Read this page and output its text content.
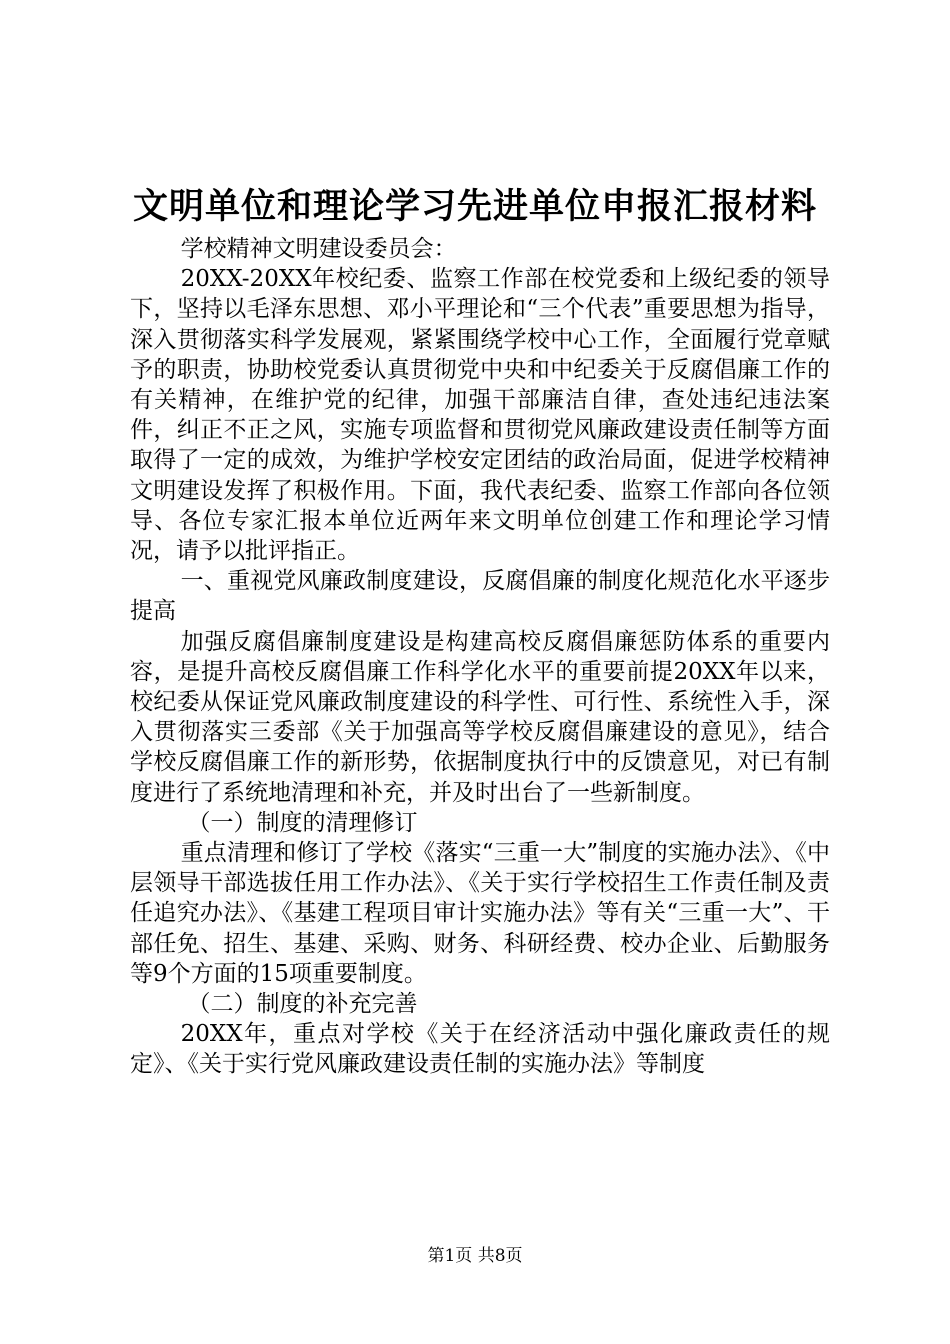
文明单位和理论学习先进单位申报汇报材料

学校精神文明建设委员会：

20XX-20XX年校纪委、监察工作部在校党委和上级纪委的领导下，坚持以毛泽东思想、邓小平理论和“三个代表”重要思想为指导，深入贯彻落实科学发展观，紧紧围绕学校中心工作，全面履行党章赋予的职责，协助校党委认真贯彻党中央和中纪委关于反腐倡廉工作的有关精神，在维护党的纪律，加强干部廉洁自律，查处违纪违法案件，纠正不正之风，实施专项监督和贯彻党风廉政建设责任制等方面取得了一定的成效，为维护学校安定团结的政治局面，促进学校精神文明建设发挥了积极作用。下面，我代表纪委、监察工作部向各位领导、各位专家汇报本单位近两年来文明单位创建工作和理论学习情况，请予以批评指正。

一、重视党风廉政制度建设，反腐倡廉的制度化规范化水平逐步提高

加强反腐倡廉制度建设是构建高校反腐倡廉惩防体系的重要内容，是提升高校反腐倡廉工作科学化水平的重要前提20XX年以来，校纪委从保证党风廉政制度建设的科学性、可行性、系统性入手，深入贯彻落实三委部《关于加强高等学校反腐倡廉建设的意见》，结合学校反腐倡廉工作的新形势，依据制度执行中的反馈意见，对已有制度进行了系统地清理和补充，并及时出台了一些新制度。

（一）制度的清理修订

重点清理和修订了学校《落实“三重一大”制度的实施办法》、《中层领导干部选拔任用工作办法》、《关于实行学校招生工作责任制及责任追究办法》、《基建工程项目审计实施办法》等有关“三重一大”、干部任免、招生、基建、采购、财务、科研经费、校办企业、后勤服务等9个方面的15项重要制度。

（二）制度的补充完善

20XX年，重点对学校《关于在经济活动中强化廉政责任的规定》、《关于实行党风廉政建设责任制的实施办法》等制度

第1页 共8页
